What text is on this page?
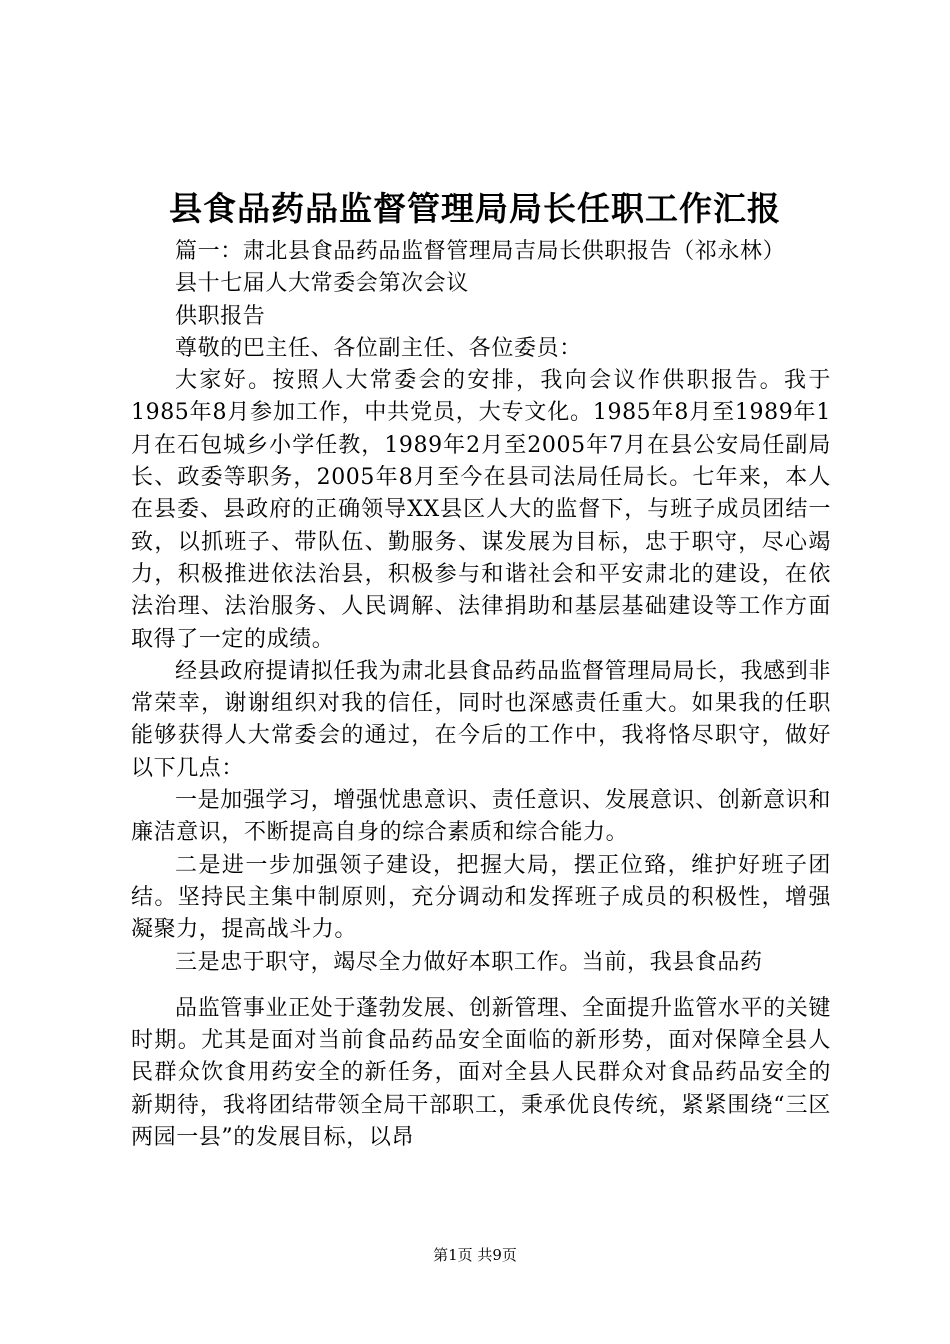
县食品药品监督管理局局长任职工作汇报

篇一：肃北县食品药品监督管理局吉局长供职报告（祁永林）

县十七届人大常委会第次会议

供职报告

尊敬的巴主任、各位副主任、各位委员：

大家好。按照人大常委会的安排，我向会议作供职报告。我于1985年8月参加工作，中共党员，大专文化。1985年8月至1989年1月在石包城乡小学任教，1989年2月至2005年7月在县公安局任副局长、政委等职务，2005年8月至今在县司法局任局长。七年来，本人在县委、县政府的正确领导XX县区人大的监督下，与班子成员团结一致，以抓班子、带队伍、勤服务、谋发展为目标，忠于职守，尽心竭力，积极推进依法治县，积极参与和谐社会和平安肃北的建设，在依法治理、法治服务、人民调解、法律捐助和基层基础建设等工作方面取得了一定的成绩。

经县政府提请拟任我为肃北县食品药品监督管理局局长，我感到非常荣幸，谢谢组织对我的信任，同时也深感责任重大。如果我的任职能够获得人大常委会的通过，在今后的工作中，我将恪尽职守，做好以下几点：

一是加强学习，增强忧患意识、责任意识、发展意识、创新意识和廉洁意识，不断提高自身的综合素质和综合能力。

二是进一步加强领子建设，把握大局，摆正位臵，维护好班子团结。坚持民主集中制原则，充分调动和发挥班子成员的积极性，增强凝聚力，提高战斗力。

三是忠于职守，竭尽全力做好本职工作。当前，我县食品药

品监管事业正处于蓬勃发展、创新管理、全面提升监管水平的关键时期。尤其是面对当前食品药品安全面临的新形势，面对保障全县人民群众饮食用药安全的新任务，面对全县人民群众对食品药品安全的新期待，我将团结带领全局干部职工，秉承优良传统，紧紧围绕“三区两园一县”的发展目标，以昂

第1页 共9页
